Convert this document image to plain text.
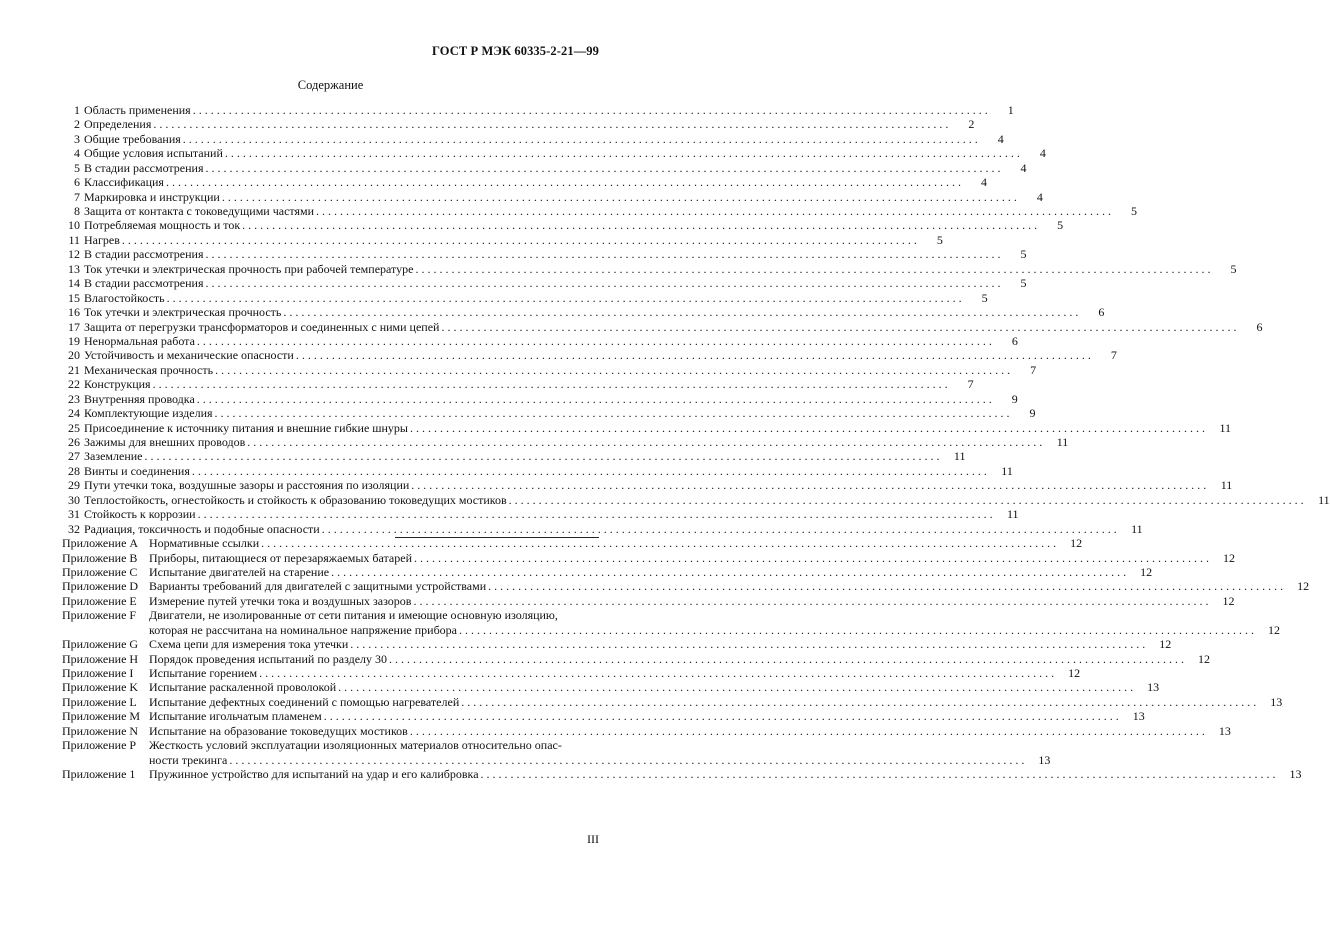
ГОСТ Р МЭК 60335-2-21—99
Содержание
1 Область применения . . .	1
2 Определения . . .	2
3 Общие требования . . .	4
4 Общие условия испытаний . . .	4
5 В стадии рассмотрения . . .	4
6 Классификация . . .	4
7 Маркировка и инструкции . . .	4
8 Защита от контакта с токоведущими частями . . .	5
10 Потребляемая мощность и ток . . .	5
11 Нагрев . . .	5
12 В стадии рассмотрения . . .	5
13 Ток утечки и электрическая прочность при рабочей температуре . . .	5
14 В стадии рассмотрения . . .	5
15 Влагостойкость . . .	5
16 Ток утечки и электрическая прочность . . .	6
17 Защита от перегрузки трансформаторов и соединенных с ними цепей . . .	6
19 Ненормальная работа . . .	6
20 Устойчивость и механические опасности . . .	7
21 Механическая прочность . . .	7
22 Конструкция . . .	7
23 Внутренняя проводка . . .	9
24 Комплектующие изделия . . .	9
25 Присоединение к источнику питания и внешние гибкие шнуры . . .	11
26 Зажимы для внешних проводов . . .	11
27 Заземление . . .	11
28 Винты и соединения . . .	11
29 Пути утечки тока, воздушные зазоры и расстояния по изоляции . . .	11
30 Теплостойкость, огнестойкость и стойкость к образованию токоведущих мостиков . . .	11
31 Стойкость к коррозии . . .	11
32 Радиация, токсичность и подобные опасности . . .	11
Приложение A Нормативные ссылки . . .	12
Приложение B Приборы, питающиеся от перезаряжаемых батарей . . .	12
Приложение C Испытание двигателей на старение . . .	12
Приложение D Варианты требований для двигателей с защитными устройствами . . .	12
Приложение E	Измерение путей утечки тока и воздушных зазоров . . .	12
Приложение F	Двигатели, не изолированные от сети питания и имеющие основную изоляцию,
которая не рассчитана на номинальное напряжение прибора . . .	12
Приложение G Схема цепи для измерения тока утечки . . .	12
Приложение H Порядок проведения испытаний по разделу 30 . . .	12
Приложение I	Испытание горением . . .	12
Приложение K Испытание раскаленной проволокой . . .	13
Приложение L	Испытание дефектных соединений с помощью нагревателей . . .	13
Приложение M Испытание игольчатым пламенем . . .	13
Приложение N Испытание на образование токоведущих мостиков . . .	13
Приложение P	Жесткость условий эксплуатации изоляционных материалов относительно опас-
ности трекинга . . .	13
Приложение 1	Пружинное устройство для испытаний на удар и его калибровка . . .	13
III
